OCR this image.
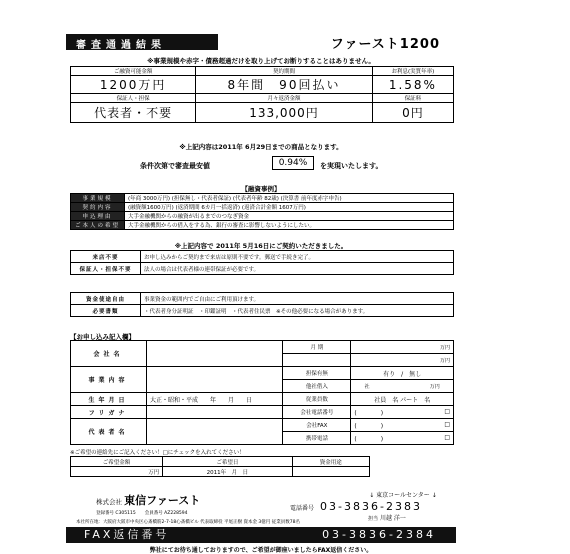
審査通過結果	ファースト1200
※事業規模や赤字・債務超過だけを取り上げてお断りすることはありません。
ご融資可能金額	契約期間	お利息(実質年率)
1200万円	8年間　90回払い	1.58%
保証人・担保	月々返済金額	保証料
代表者・不要	133,000円	0円
※上記内容は2011年 6月29日までの商品となります。
条件次第で審査最安値	0.94%	を実現いたします。
【融資事例】
事業規模	(年商 3000万円) (担保無し・代表者保証) (代表者年齢 82歳) (決算書 前年度赤字申告)
契約内容	(融資額1600万円) (返済期間 6カ月一括返済) (返済合計金額 1607万円)
申込理由	大手金融機関からの融資が出るまでのつなぎ資金
ご本人の希望	大手金融機関からの借入をする為、銀行の審査に影響しないようにしたい。
※上記内容で 2011年 5月16日にご契約いただきました。
来店不要	お申し込みからご契約まで来店は原則不要です。郵送で手続き完了。
保証人・担保不要	法人の場合は代表者様の連帯保証が必要です。
資金使途自由	事業資金の範囲内でご自由にご利用頂けます。
必要書類	・代表者身分証明証　・印鑑証明　・代表者住民票　※その他必要になる場合があります。
【お申し込み記入欄】
会社名		月 期	万円
			万円
事業内容		担保有無	有り　/　無し
		他社借入	社 万円
生年月日	大正・昭和・平成　　年　　月　　日	従業員数	社員　名 パート　名
フリガナ		会社電話番号	(　　　　) □

代表者名		会社FAX	(　　　　) □

		携帯電話	(　　　　) □
※ご希望の連絡先にご記入ください！□にチェックを入れてください！
ご希望金額	ご希望日	資金用途
万円	2011年　月　日	
株式会社 東信ファースト	↓ 東京コールセンター ↓
電話番号 03-3836-2383
登録番号 C305115　　会員番号 AZ228594
担当 川越 洋一
本社所在地：大阪府大阪市中央区心斎橋筋2-7-18心斎橋ビル 代表取締役 平尾正樹 資本金 3億円 従業員数78名
FAX返信番号	03-3836-2384
弊社にてお待ち通しておりますので、ご希望が御座いましたらFAX返信ください。
